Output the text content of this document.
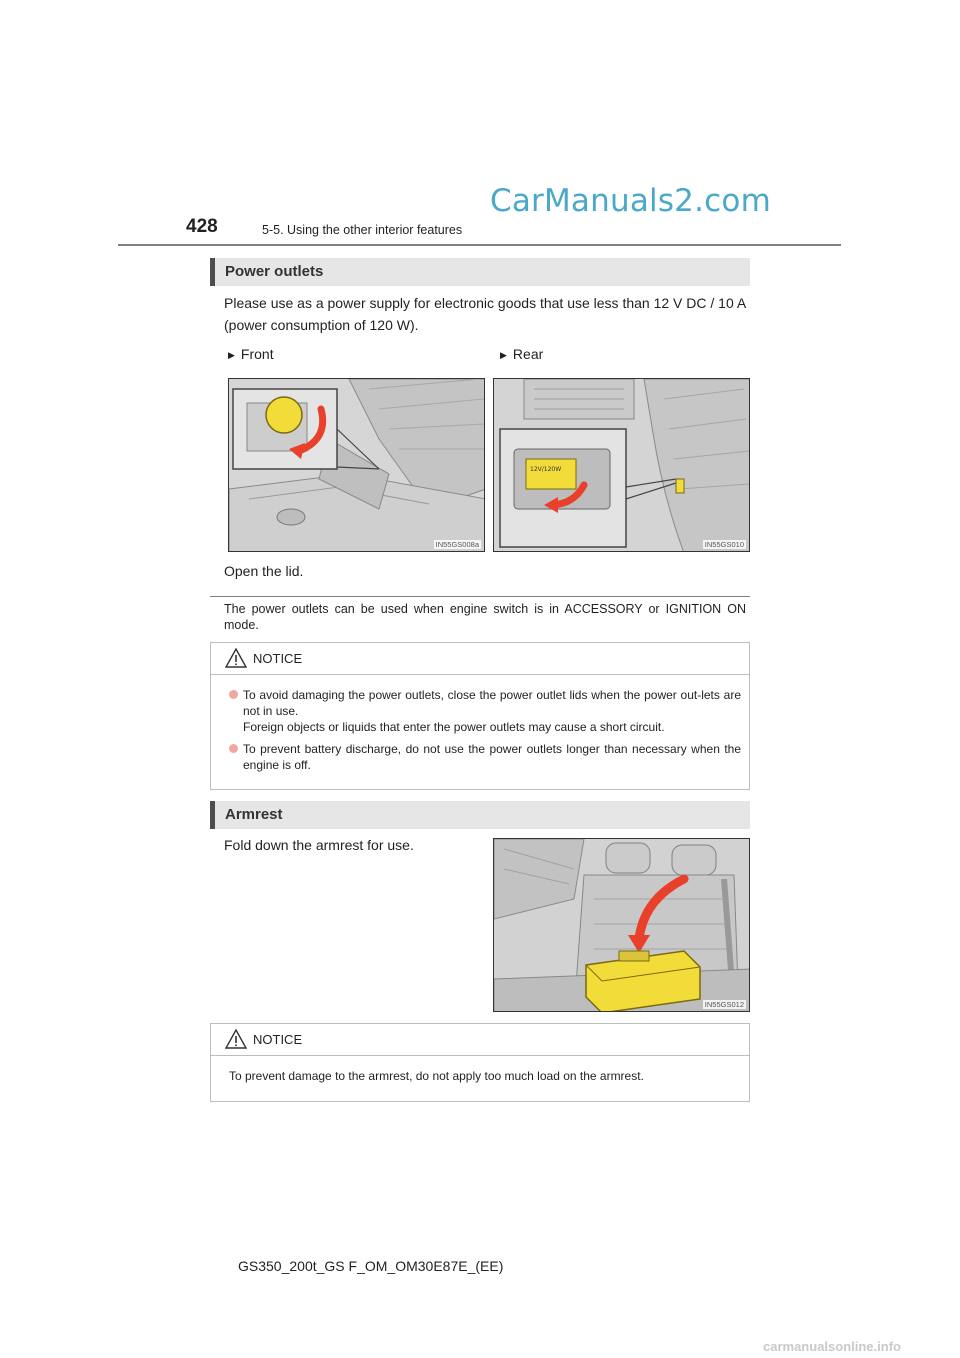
CarManuals2.com
428	5-5. Using the other interior features
Power outlets
Please use as a power supply for electronic goods that use less than 12 V DC / 10 A (power consumption of 120 W).
▶ Front	▶ Rear
IN55GS008a
12V/120W
IN55GS010
Open the lid.
The power outlets can be used when engine switch is in ACCESSORY or IGNITION ON mode.
NOTICE
To avoid damaging the power outlets, close the power outlet lids when the power out-lets are not in use.
Foreign objects or liquids that enter the power outlets may cause a short circuit.
To prevent battery discharge, do not use the power outlets longer than necessary when the engine is off.
Armrest
Fold down the armrest for use.
IN55GS012
NOTICE
To prevent damage to the armrest, do not apply too much load on the armrest.
GS350_200t_GS F_OM_OM30E87E_(EE)
carmanualsonline.info
